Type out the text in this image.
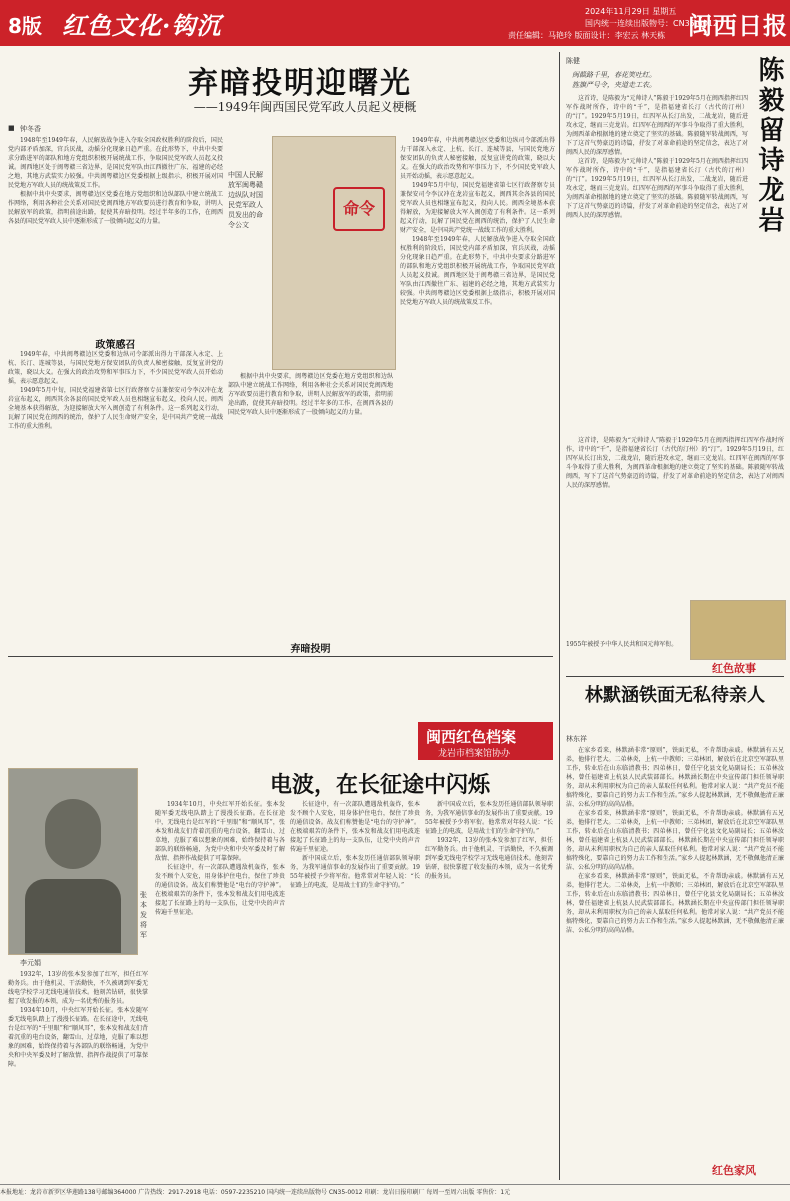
8版 红色文化·钩沉	2024年11月29日 星期五
国内统一连续出版物号：CN35-0012
责任编辑：马艳玲 版面设计：李宏云 林天栋 闽西日报
弃暗投明迎曙光
——1949年闽西国民党军政人员起义梗概
■ 钟冬香

1948年至1949年春，人民解放战争进入夺取全国政权胜利的阶段后，国民党内部矛盾加深，官兵厌战，动摇分化现象日趋严重。在此形势下，中共中央要求分路进军的部队和地方党组织积极开展统战工作，争取国民党军政人员起义投诚。闽西地区处于闽粤赣三省边界，是国民党军队由江西撤往广东、福建的必经之地，其地方武装实力较强。中共闽粤赣边区党委根据上级指示，积极开展对国民党地方军政人员的统战策反工作。

根据中共中央要求，闽粤赣边区党委在地方党组织和边纵部队中建立统战工作网络，利用各种社会关系对国民党闽西地方军政要员进行教育和争取，讲明人民解放军的政策，指明前途出路，促使其弃暗投明。经过半年多的工作，在闽西各县的国民党军政人员中逐渐形成了一股倾向起义的力量。

政策感召

1949年春，中共闽粤赣边区党委和边纵司令部派出得力干部深入永定、上杭、长汀、连城等县，与国民党地方保安团队的负责人秘密接触，反复宣讲党的政策，晓以大义。在强大的政治攻势和军事压力下，不少国民党军政人员开始动摇，表示愿意起义。

1949年5月中旬，国民党福建省第七区行政督察专员兼保安司令李汉冲在龙岩宣布起义，闽西其余各县的国民党军政人员也相继宣布起义，投向人民。闽西全境基本获得解放，为迎接解放大军入闽创造了有利条件。这一系列起义行动，瓦解了国民党在闽西的统治，保护了人民生命财产安全，是中国共产党统一战线工作的重大胜利。

中国人民解放军闽粤赣边纵队对国民党军政人员发出的命令公文
命令

根据中共中央要求，闽粤赣边区党委在地方党组织和边纵部队中建立统战工作网络，利用各种社会关系对国民党闽西地方军政要员进行教育和争取，讲明人民解放军的政策，指明前途出路，促使其弃暗投明。经过半年多的工作，在闽西各县的国民党军政人员中逐渐形成了一股倾向起义的力量。

1949年春，中共闽粤赣边区党委和边纵司令部派出得力干部深入永定、上杭、长汀、连城等县，与国民党地方保安团队的负责人秘密接触，反复宣讲党的政策，晓以大义。在强大的政治攻势和军事压力下，不少国民党军政人员开始动摇，表示愿意起义。

1949年5月中旬，国民党福建省第七区行政督察专员兼保安司令李汉冲在龙岩宣布起义，闽西其余各县的国民党军政人员也相继宣布起义，投向人民。闽西全境基本获得解放，为迎接解放大军入闽创造了有利条件。这一系列起义行动，瓦解了国民党在闽西的统治，保护了人民生命财产安全，是中国共产党统一战线工作的重大胜利。

1948年至1949年春，人民解放战争进入夺取全国政权胜利的阶段后，国民党内部矛盾加深，官兵厌战，动摇分化现象日趋严重。在此形势下，中共中央要求分路进军的部队和地方党组织积极开展统战工作，争取国民党军政人员起义投诚。闽西地区处于闽粤赣三省边界，是国民党军队由江西撤往广东、福建的必经之地，其地方武装实力较强。中共闽粤赣边区党委根据上级指示，积极开展对国民党地方军政人员的统战策反工作。

弃暗投明
闽西红色档案
龙岩市档案馆协办
电波，在长征途中闪烁
张本发将军
李元娟

1932年，13岁的张本发参加了红军，担任红军勤务兵。由于他机灵、干活勤快，不久被调到军委无线电学校学习无线电通信技术。他刻苦钻研，很快掌握了收发报的本领，成为一名优秀的报务员。

1934年10月，中央红军开始长征。张本发随军委无线电队踏上了漫漫长征路。在长征途中，无线电台是红军的“千里眼”和“顺风耳”，张本发和战友们背着沉重的电台设备，翻雪山、过草地，克服了难以想象的困难，始终保持着与各部队的联络畅通，为党中央和中央军委及时了解敌情、指挥作战提供了可靠保障。

1934年10月，中央红军开始长征。张本发随军委无线电队踏上了漫漫长征路。在长征途中，无线电台是红军的“千里眼”和“顺风耳”，张本发和战友们背着沉重的电台设备，翻雪山、过草地，克服了难以想象的困难，始终保持着与各部队的联络畅通，为党中央和中央军委及时了解敌情、指挥作战提供了可靠保障。

长征途中，有一次部队遭遇敌机轰炸，张本发不顾个人安危，用身体护住电台，保住了珍贵的通信设备。战友们称赞他是“电台的守护神”。在极端艰苦的条件下，张本发和战友们用电波连接起了长征路上的每一支队伍，让党中央的声音传遍千里征途。

长征途中，有一次部队遭遇敌机轰炸，张本发不顾个人安危，用身体护住电台，保住了珍贵的通信设备。战友们称赞他是“电台的守护神”。在极端艰苦的条件下，张本发和战友们用电波连接起了长征路上的每一支队伍，让党中央的声音传遍千里征途。

新中国成立后，张本发历任通信部队领导职务，为我军通信事业的发展作出了重要贡献。1955年被授予少将军衔。他常常对年轻人说：“长征路上的电波，是用战士们的生命守护的。”

新中国成立后，张本发历任通信部队领导职务，为我军通信事业的发展作出了重要贡献。1955年被授予少将军衔。他常常对年轻人说：“长征路上的电波，是用战士们的生命守护的。”

1932年，13岁的张本发参加了红军，担任红军勤务兵。由于他机灵、干活勤快，不久被调到军委无线电学校学习无线电通信技术。他刻苦钻研，很快掌握了收发报的本领，成为一名优秀的报务员。

陈健	陈毅留诗龙岩
闽赣路千里，春花笑吐红。
旌旗严号令，夹道走工农。

这首诗，是陈毅为“元帅诗人”陈毅于1929年5月在闽西指挥红四军作战时所作，诗中的“千”，是指福建省长汀（古代的汀州）的“汀”。1929年5月19日，红四军从长汀出发，二战龙岩，随后进攻永定，继而三克龙岩。红四军在闽西的军事斗争取得了重大胜利，为闽西革命根据地的建立奠定了坚实的基础。陈毅随军转战闽西，写下了这首气势豪迈的诗篇，抒发了对革命前途的坚定信念，表达了对闽西人民的深厚感情。

这首诗，是陈毅为“元帅诗人”陈毅于1929年5月在闽西指挥红四军作战时所作，诗中的“千”，是指福建省长汀（古代的汀州）的“汀”。1929年5月19日，红四军从长汀出发，二战龙岩，随后进攻永定，继而三克龙岩。红四军在闽西的军事斗争取得了重大胜利，为闽西革命根据地的建立奠定了坚实的基础。陈毅随军转战闽西，写下了这首气势豪迈的诗篇，抒发了对革命前途的坚定信念，表达了对闽西人民的深厚感情。

这首诗，是陈毅为“元帅诗人”陈毅于1929年5月在闽西指挥红四军作战时所作，诗中的“千”，是指福建省长汀（古代的汀州）的“汀”。1929年5月19日，红四军从长汀出发，二战龙岩，随后进攻永定，继而三克龙岩。红四军在闽西的军事斗争取得了重大胜利，为闽西革命根据地的建立奠定了坚实的基础。陈毅随军转战闽西，写下了这首气势豪迈的诗篇，抒发了对革命前途的坚定信念，表达了对闽西人民的深厚感情。

1955年被授予中华人民共和国元帅军衔。
红色故事
林默涵铁面无私待亲人
林东祥

在家乡看来，林默涵非常“原则”，铁面无私，不肯帮助亲戚。林默涵有五兄弟，他排行老大。二弟林炎，上杭一中教师；三弟林团，解放后在北京空军部队里工作，转业后在山东临清教书；四弟林日，曾任宁化县文化局副局长；五弟林汝林，曾任福建省上杭县人民武装部部长。林默涵长期在中央宣传部门担任领导职务，却从未利用职权为自己的亲人谋取任何私利。他常对家人说：“共产党员不能搞特殊化，要靠自己的努力去工作和生活。”家乡人提起林默涵，无不敬佩他清正廉洁、公私分明的高尚品格。

在家乡看来，林默涵非常“原则”，铁面无私，不肯帮助亲戚。林默涵有五兄弟，他排行老大。二弟林炎，上杭一中教师；三弟林团，解放后在北京空军部队里工作，转业后在山东临清教书；四弟林日，曾任宁化县文化局副局长；五弟林汝林，曾任福建省上杭县人民武装部部长。林默涵长期在中央宣传部门担任领导职务，却从未利用职权为自己的亲人谋取任何私利。他常对家人说：“共产党员不能搞特殊化，要靠自己的努力去工作和生活。”家乡人提起林默涵，无不敬佩他清正廉洁、公私分明的高尚品格。

在家乡看来，林默涵非常“原则”，铁面无私，不肯帮助亲戚。林默涵有五兄弟，他排行老大。二弟林炎，上杭一中教师；三弟林团，解放后在北京空军部队里工作，转业后在山东临清教书；四弟林日，曾任宁化县文化局副局长；五弟林汝林，曾任福建省上杭县人民武装部部长。林默涵长期在中央宣传部门担任领导职务，却从未利用职权为自己的亲人谋取任何私利。他常对家人说：“共产党员不能搞特殊化，要靠自己的努力去工作和生活。”家乡人提起林默涵，无不敬佩他清正廉洁、公私分明的高尚品格。

红色家风
本报地址：龙岩市新罗区华莲路138号邮编364000 广告热线：2917-2918 电话：0597-2235210 国内统一连续出版物号 CN35-0012 印刷：龙岩日报印刷厂 每周一至周六出版 零售价：1元
